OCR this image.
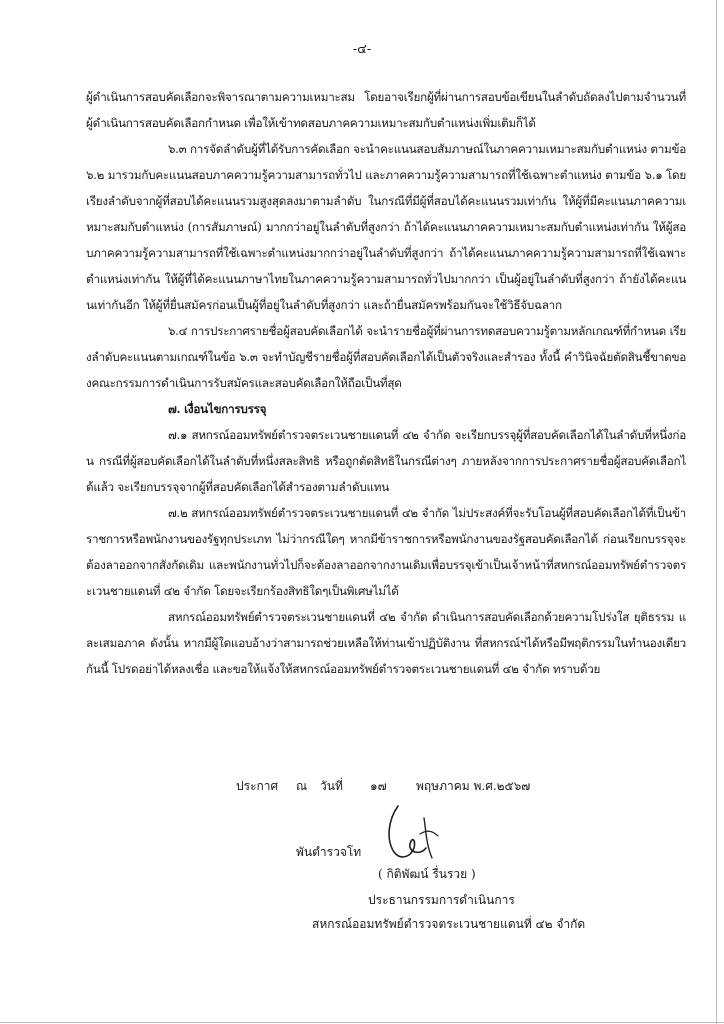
-๔-

ผู้ดำเนินการสอบคัดเลือกจะพิจารณาตามความเหมาะสม โดยอาจเรียกผู้ที่ผ่านการสอบข้อเขียนในลำดับถัดลงไปตามจำนวนที่ผู้ดำเนินการสอบคัดเลือกกำหนด เพื่อให้เข้าทดสอบภาคความเหมาะสมกับตำแหน่งเพิ่มเติมก็ได้

๖.๓ การจัดลำดับผู้ที่ได้รับการคัดเลือก จะนำคะแนนสอบสัมภาษณ์ในภาคความเหมาะสมกับตำแหน่ง ตามข้อ ๖.๒ มารวมกับคะแนนสอบภาคความรู้ความสามารถทั่วไป และภาคความรู้ความสามารถที่ใช้เฉพาะตำแหน่ง ตามข้อ ๖.๑ โดยเรียงลำดับจากผู้ที่สอบได้คะแนนรวมสูงสุดลงมาตามลำดับ ในกรณีที่มีผู้ที่สอบได้คะแนนรวมเท่ากัน ให้ผู้ที่มีคะแนนภาคความเหมาะสมกับตำแหน่ง (การสัมภาษณ์) มากกว่าอยู่ในลำดับที่สูงกว่า ถ้าได้คะแนนภาคความเหมาะสมกับตำแหน่งเท่ากัน ให้ผู้สอบภาคความรู้ความสามารถที่ใช้เฉพาะตำแหน่งมากกว่าอยู่ในลำดับที่สูงกว่า ถ้าได้คะแนนภาคความรู้ความสามารถที่ใช้เฉพาะตำแหน่งเท่ากัน ให้ผู้ที่ได้คะแนนภาษาไทยในภาคความรู้ความสามารถทั่วไปมากกว่า เป็นผู้อยู่ในลำดับที่สูงกว่า ถ้ายังได้คะแนนเท่ากันอีก ให้ผู้ที่ยื่นสมัครก่อนเป็นผู้ที่อยู่ในลำดับที่สูงกว่า และถ้ายื่นสมัครพร้อมกันจะใช้วิธีจับฉลาก

๖.๔ การประกาศรายชื่อผู้สอบคัดเลือกได้ จะนำรายชื่อผู้ที่ผ่านการทดสอบความรู้ตามหลักเกณฑ์ที่กำหนด เรียงลำดับคะแนนตามเกณฑ์ในข้อ ๖.๓ จะทำบัญชีรายชื่อผู้ที่สอบคัดเลือกได้เป็นตัวจริงและสำรอง ทั้งนี้ คำวินิจฉัยตัดสินชี้ขาดของคณะกรรมการดำเนินการรับสมัครและสอบคัดเลือกให้ถือเป็นที่สุด

๗. เงื่อนไขการบรรจุ

๗.๑ สหกรณ์ออมทรัพย์ตำรวจตระเวนชายแดนที่ ๔๒ จำกัด จะเรียกบรรจุผู้ที่สอบคัดเลือกได้ในลำดับที่หนึ่งก่อน กรณีที่ผู้สอบคัดเลือกได้ในลำดับที่หนึ่งสละสิทธิ หรือถูกตัดสิทธิในกรณีต่างๆ ภายหลังจากการประกาศรายชื่อผู้สอบคัดเลือกได้แล้ว จะเรียกบรรจุจากผู้ที่สอบคัดเลือกได้สำรองตามลำดับแทน

๗.๒ สหกรณ์ออมทรัพย์ตำรวจตระเวนชายแดนที่ ๔๒ จำกัด ไม่ประสงค์ที่จะรับโอนผู้ที่สอบคัดเลือกได้ที่เป็นข้าราชการหรือพนักงานของรัฐทุกประเภท ไม่ว่ากรณีใดๆ หากมีข้าราชการหรือพนักงานของรัฐสอบคัดเลือกได้ ก่อนเรียกบรรจุจะต้องลาออกจากสังกัดเดิม และพนักงานทั่วไปก็จะต้องลาออกจากงานเดิมเพื่อบรรจุเข้าเป็นเจ้าหน้าที่สหกรณ์ออมทรัพย์ตำรวจตระเวนชายแดนที่ ๔๒ จำกัด โดยจะเรียกร้องสิทธิใดๆเป็นพิเศษไม่ได้

สหกรณ์ออมทรัพย์ตำรวจตระเวนชายแดนที่ ๔๒ จำกัด ดำเนินการสอบคัดเลือกด้วยความโปร่งใส ยุติธรรม และเสมอภาค ดังนั้น หากมีผู้ใดแอบอ้างว่าสามารถช่วยเหลือให้ท่านเข้าปฏิบัติงาน ที่สหกรณ์ฯได้หรือมีพฤติกรรมในทำนองเดียวกันนี้ โปรดอย่าได้หลงเชื่อ และขอให้แจ้งให้สหกรณ์ออมทรัพย์ตำรวจตระเวนชายแดนที่ ๔๒ จำกัด ทราบด้วย

ประกาศ ณ วันที่ ๑๗ พฤษภาคม พ.ศ.๒๕๖๗
พันตำรวจโท
( กิติพัฒน์ รื่นรวย )
ประธานกรรมการดำเนินการ
สหกรณ์ออมทรัพย์ตำรวจตระเวนชายแดนที่ ๔๒ จำกัด
